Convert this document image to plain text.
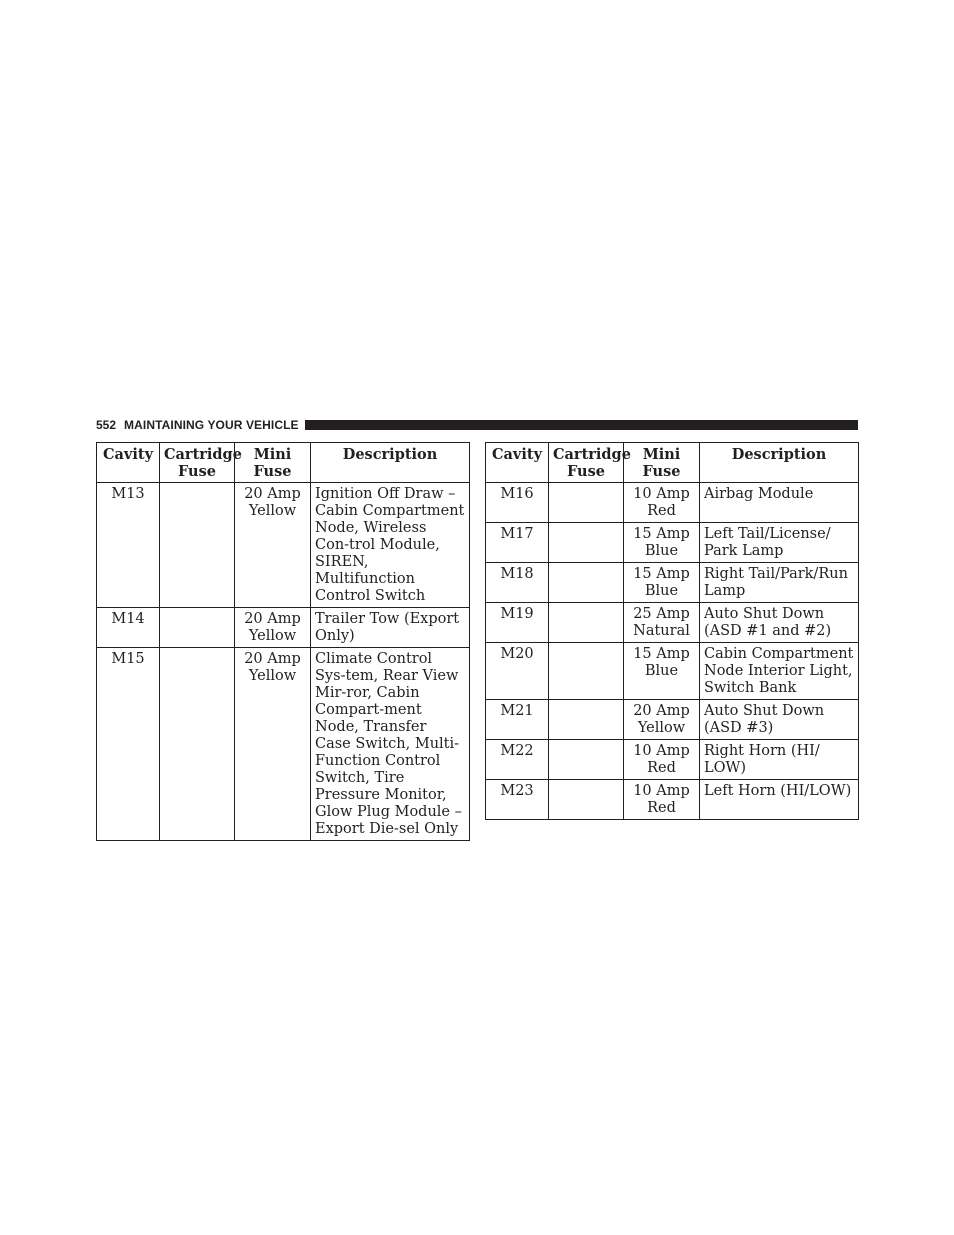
552 MAINTAINING YOUR VEHICLE
Cavity	Cartridge Fuse	Mini Fuse	Description
M13		20 Amp Yellow	Ignition Off Draw – Cabin Compartment Node, Wireless Con-trol Module, SIREN, Multifunction Control Switch
M14		20 Amp Yellow	Trailer Tow (Export Only)
M15		20 Amp Yellow	Climate Control Sys-tem, Rear View Mir-ror, Cabin Compart-ment Node, Transfer Case Switch, Multi-Function Control Switch, Tire Pressure Monitor, Glow Plug Module – Export Die-sel Only
Cavity	Cartridge Fuse	Mini Fuse	Description
M16		10 Amp Red	Airbag Module
M17		15 Amp Blue	Left Tail/License/ Park Lamp
M18		15 Amp Blue	Right Tail/Park/Run Lamp
M19		25 Amp Natural	Auto Shut Down (ASD #1 and #2)
M20		15 Amp Blue	Cabin Compartment Node Interior Light, Switch Bank
M21		20 Amp Yellow	Auto Shut Down (ASD #3)
M22		10 Amp Red	Right Horn (HI/ LOW)
M23		10 Amp Red	Left Horn (HI/LOW)
